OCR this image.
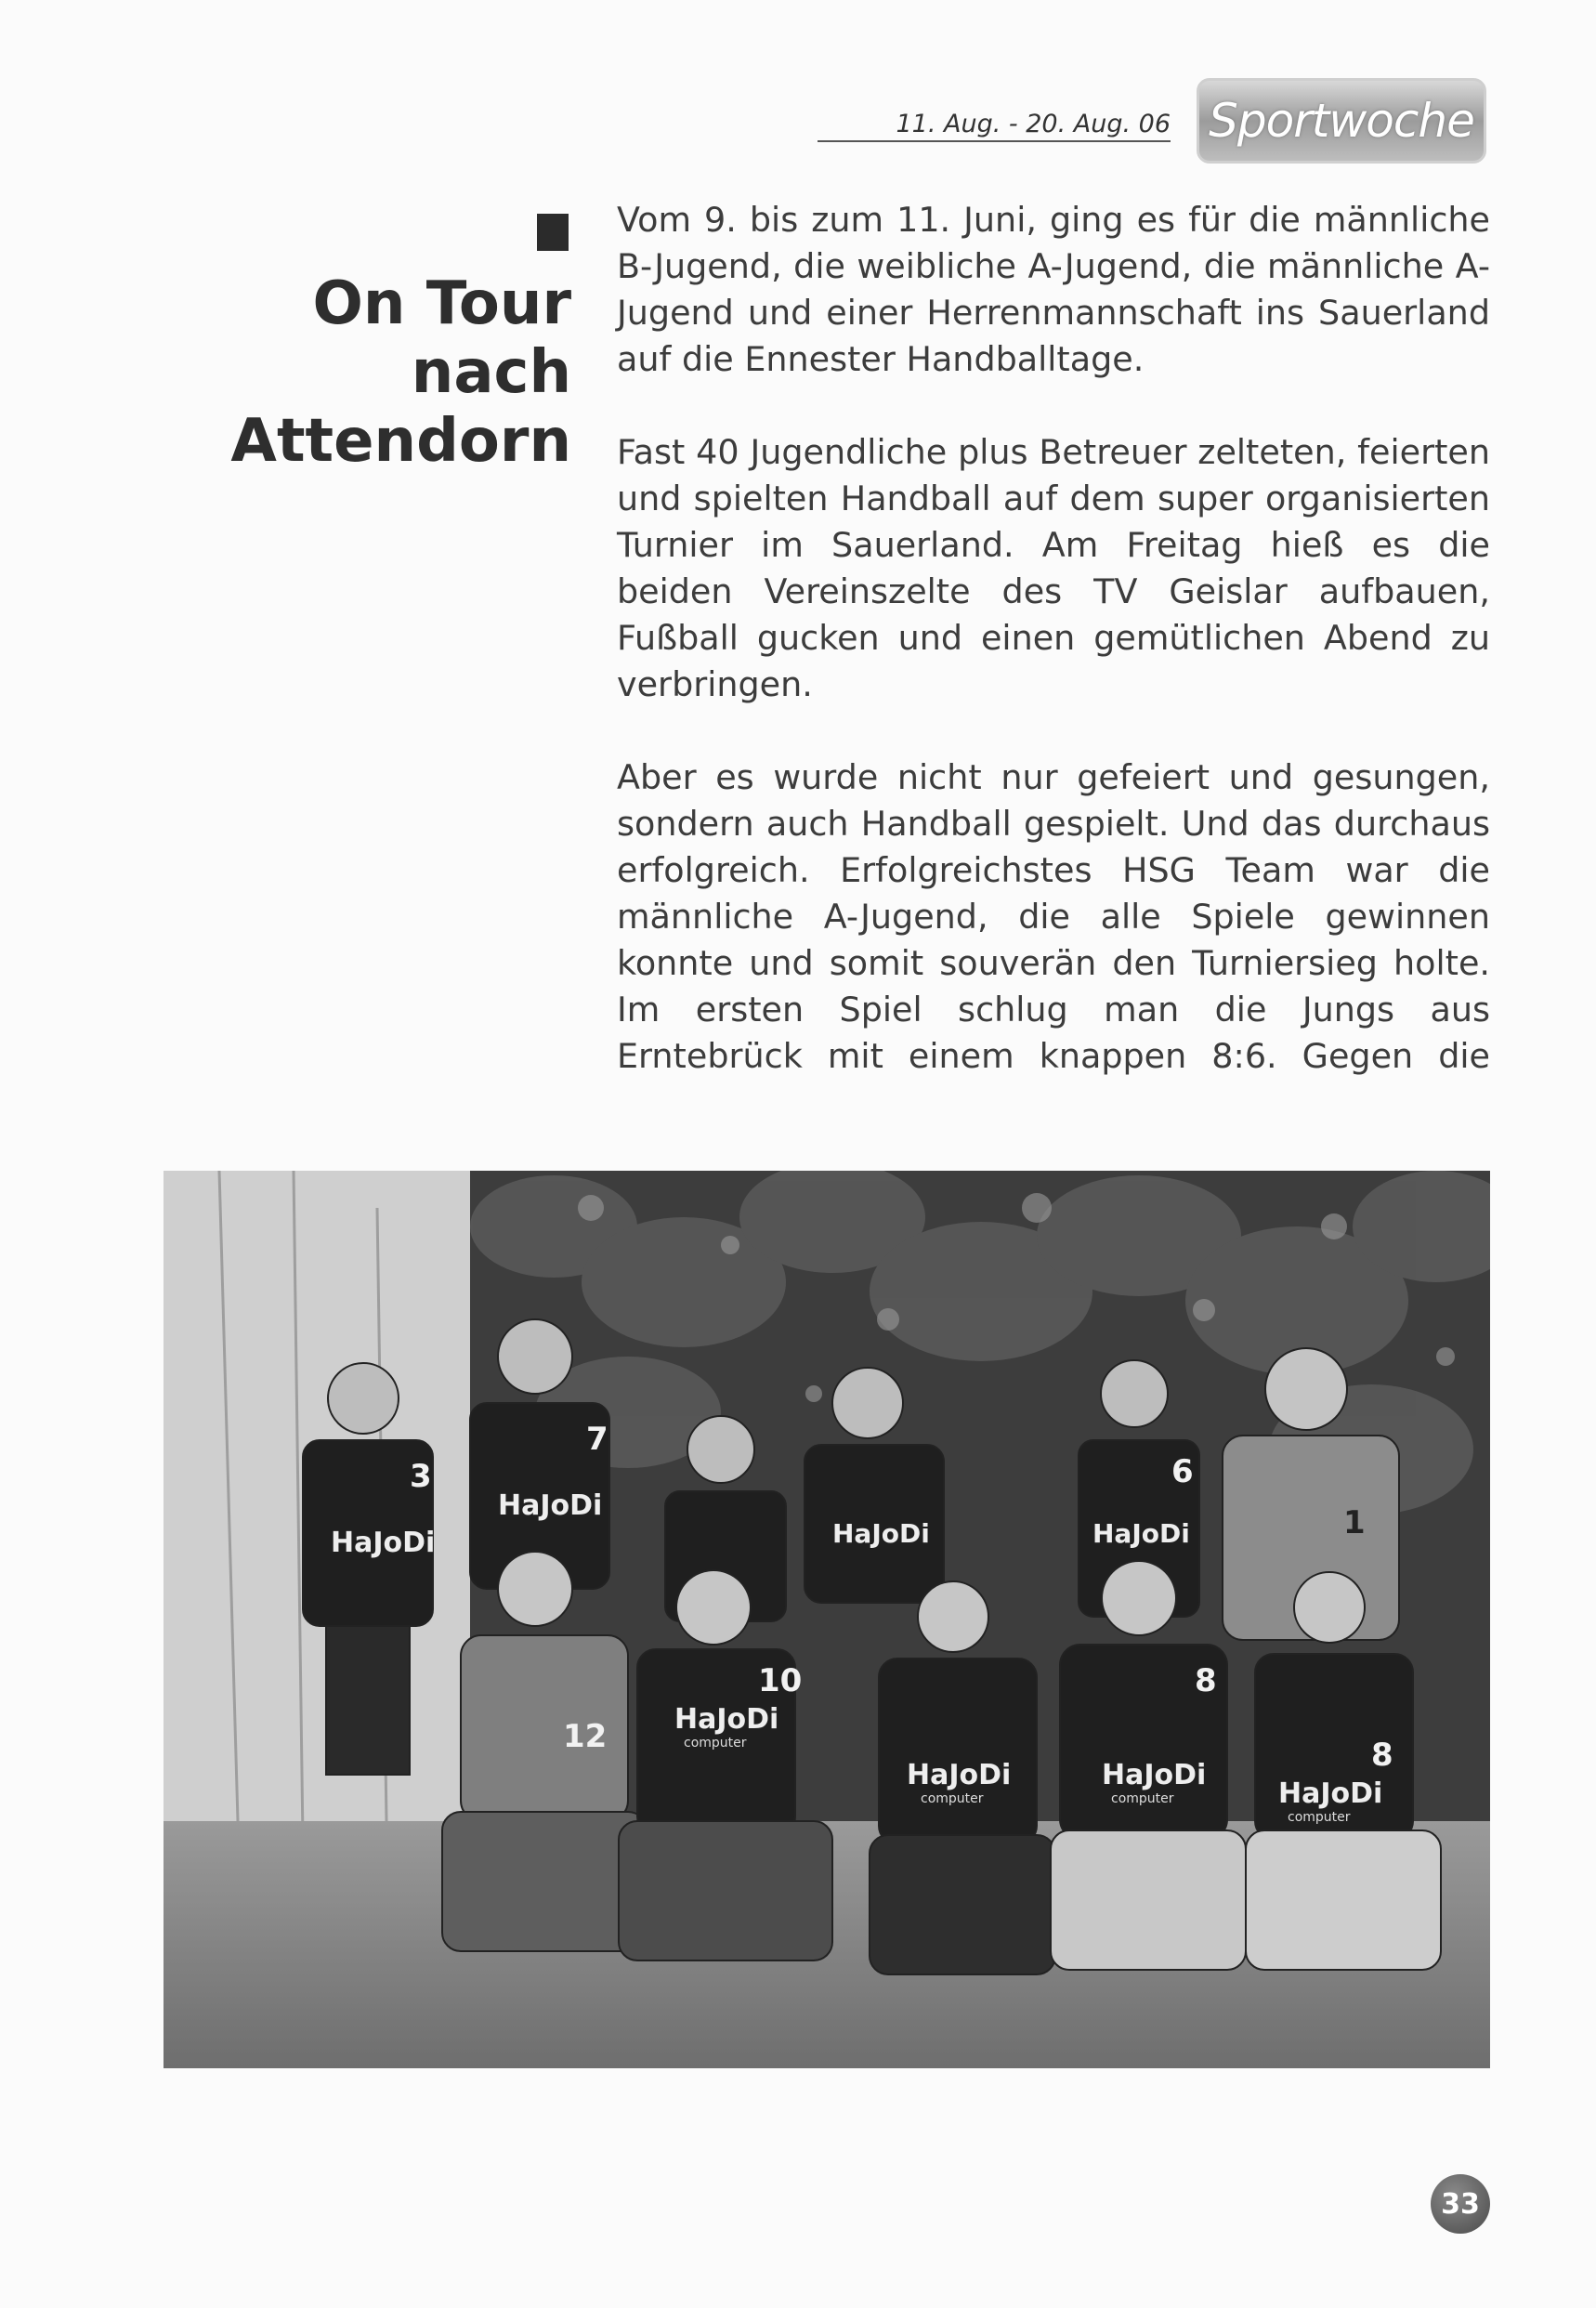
11. Aug. - 20. Aug. 06 Sportwoche
On Tour
nach
Attendorn

Vom 9. bis zum 11. Juni, ging es für die männliche B-Jugend, die weibliche A-Jugend, die männliche A-Jugend und einer Herrenmannschaft ins Sauerland auf die Ennester Handballtage.

Fast 40 Jugendliche plus Betreuer zelteten, feierten und spielten Handball auf dem super organisierten Turnier im Sauerland. Am Freitag hieß es die beiden Vereinszelte des TV Geislar aufbauen, Fußball gucken und einen gemütlichen Abend zu verbringen.

Aber es wurde nicht nur gefeiert und gesungen, sondern auch Handball gespielt. Und das durchaus erfolgreich. Erfolgreichstes HSG Team war die männliche A-Jugend, die alle Spiele gewinnen konnte und somit souverän den Turniersieg holte. Im ersten Spiel schlug man die Jungs aus Erntebrück mit einem knappen 8:6. Gegen die

3
7
6
1
12
10	8
8
HaJoDi
HaJoDi
HaJoDi	HaJoDi
HaJoDi
HaJoDi	HaJoDi
HaJoDi
computer
computer	computer
computer
33
